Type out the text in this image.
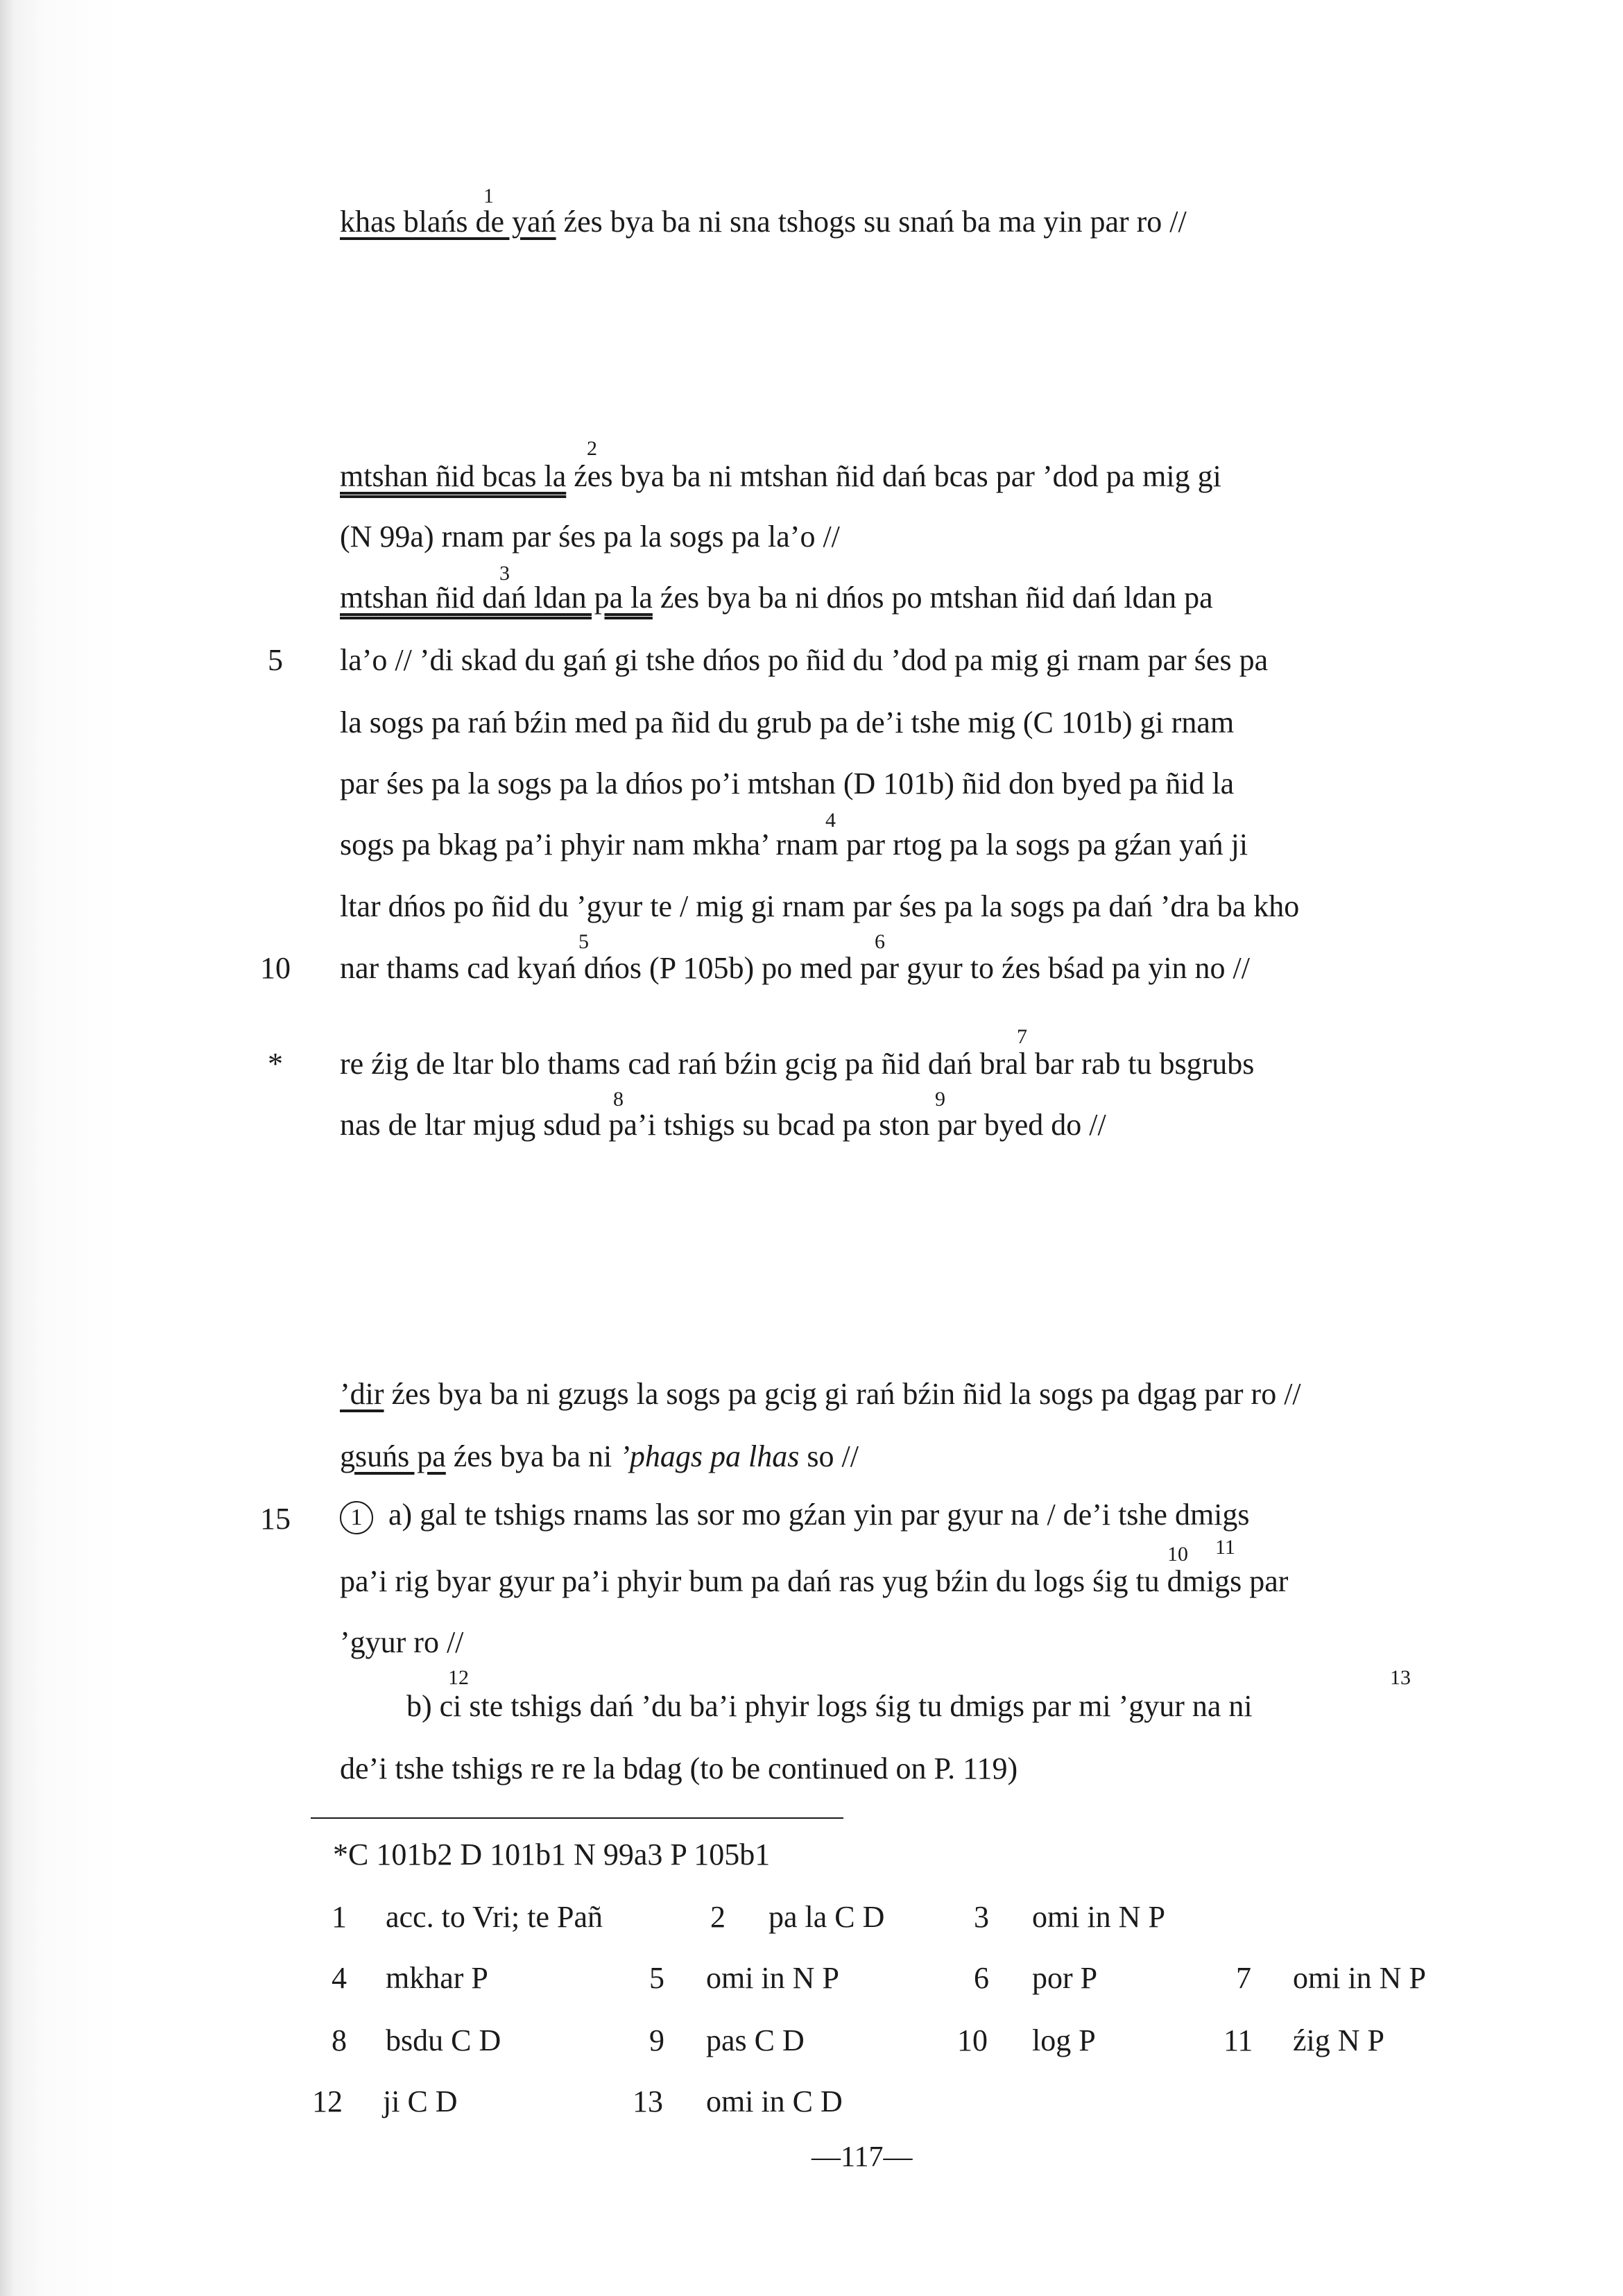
khas blańs de yań źes bya ba ni sna tshogs su snań ba ma yin par ro //
1
mtshan ñid bcas la źes bya ba ni mtshan ñid dań bcas par ’dod pa mig gi
2
(N 99a) rnam par śes pa la sogs pa la’o //
mtshan ñid dań ldan pa la źes bya ba ni dńos po mtshan ñid dań ldan pa
3
5	la’o // ’di skad du gań gi tshe dńos po ñid du ’dod pa mig gi rnam par śes pa
la sogs pa rań bźin med pa ñid du grub pa de’i tshe mig (C 101b) gi rnam
par śes pa la sogs pa la dńos po’i mtshan (D 101b) ñid don byed pa ñid la
sogs pa bkag pa’i phyir nam mkha’ rnam par rtog pa la sogs pa gźan yań ji
4
ltar dńos po ñid du ’gyur te / mig gi rnam par śes pa la sogs pa dań ’dra ba kho
10 nar thams cad kyań dńos (P 105b) po med par gyur to źes bśad pa yin no //
5	6
*	re źig de ltar blo thams cad rań bźin gcig pa ñid dań bral bar rab tu bsgrubs
7
nas de ltar mjug sdud pa’i tshigs su bcad pa ston par byed do //
8	9
’dir źes bya ba ni gzugs la sogs pa gcig gi rań bźin ñid la sogs pa dgag par ro //
gsuńs pa źes bya ba ni ’phags pa lhas so //
15	1 a) gal te tshigs rnams las sor mo gźan yin par gyur na / de’i tshe dmigs
pa’i rig byar gyur pa’i phyir bum pa dań ras yug bźin du logs śig tu dmigs par
10 11
’gyur ro //
b) ci ste tshigs dań ’du ba’i phyir logs śig tu dmigs par mi ’gyur na ni
12	13
de’i tshe tshigs re re la bdag (to be continued on P. 119)
*C 101b2 D 101b1 N 99a3 P 105b1
1 acc. to Vri; te Pañ	2 pa la C D	3 omi in N P
4 mkhar P	5 omi in N P	6 por P	7 omi in N P
8 bsdu C D	9 pas C D	10 log P	11 źig N P
12 ji C D	13 omi in C D
—117—
